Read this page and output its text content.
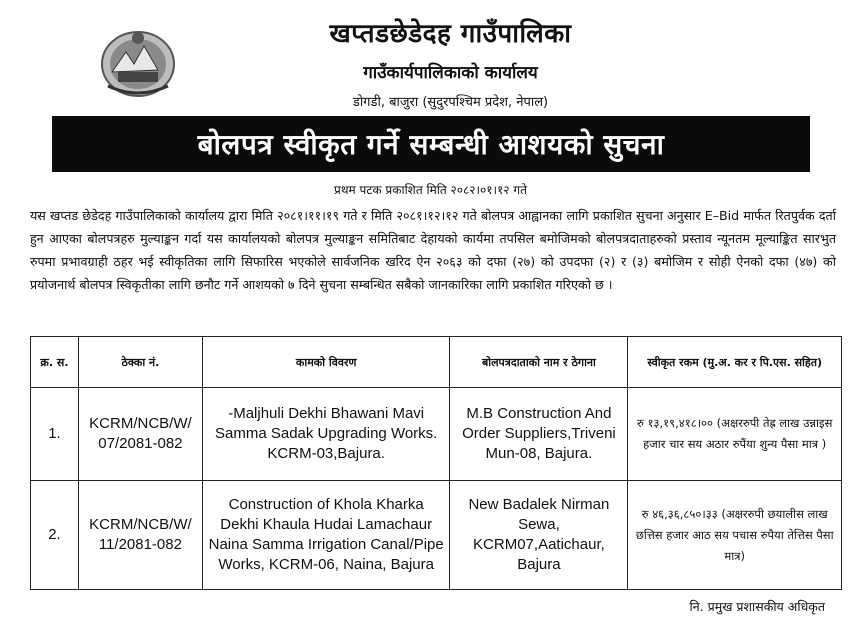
खप्तडछेडेदह गाउँपालिका
गाउँकार्यपालिकाको कार्यालय
डोगडी, बाजुरा (सुदुरपश्चिम प्रदेश, नेपाल)
बोलपत्र स्वीकृत गर्ने सम्बन्धी आशयको सुचना
प्रथम पटक प्रकाशित मिति २०८२।०१।१२ गते

यस खप्तड छेडेदह गाउँपालिकाको कार्यालय द्वारा मिति २०८१।११।१९ गते र मिति २०८१।१२।१२ गते बोलपत्र आह्वानका लागि प्रकाशित सुचना अनुसार E–Bid मार्फत रितपुर्वक दर्ता हुन आएका बोलपत्रहरु मुल्याङ्कन गर्दा यस कार्यालयको बोलपत्र मुल्याङ्कन समितिबाट देहायको कार्यमा तपसिल बमोजिमको बोलपत्रदाताहरुको प्रस्ताव न्यूनतम मूल्याङ्कित सारभुत रुपमा प्रभावग्राही ठहर भई स्वीकृतिका लागि सिफारिस भएकोले सार्वजनिक खरिद ऐन २०६३ को दफा (२७) को उपदफा (२) र (३) बमोजिम र सोही ऐनको दफा (४७) को प्रयोजनार्थ बोलपत्र स्विकृतीका लागि छनौट गर्ने आशयको ७ दिने सुचना सम्बन्धित सबैको जानकारिका लागि प्रकाशित गरिएको छ ।

क्र. स.	ठेक्का नं.	कामको विवरण	बोलपत्रदाताको नाम र ठेगाना	स्वीकृत रकम (मु.अ. कर र पि.एस. सहित)
1.	KCRM/NCB/W/ 07/2081-082	-Maljhuli Dekhi Bhawani Mavi Samma Sadak Upgrading Works. KCRM-03,Bajura.	M.B Construction And Order Suppliers,Triveni Mun-08, Bajura.	रु १३,१९,४१८।०० (अक्षररुपी तेह्र लाख उन्नाइस हजार चार सय अठार रुपैंया शुन्य पैसा मात्र )
2.	KCRM/NCB/W/ 11/2081-082	Construction of Khola Kharka Dekhi Khaula Hudai Lamachaur Naina Samma Irrigation Canal/Pipe Works, KCRM-06, Naina, Bajura	New Badalek Nirman Sewa, KCRM07,Aatichaur, Bajura	रु ४६,३६,८५०।३३ (अक्षररुपी छयालीस लाख छत्तिस हजार आठ सय पचास रुपैया तेत्तिस पैसा मात्र)
नि. प्रमुख प्रशासकीय अधिकृत
